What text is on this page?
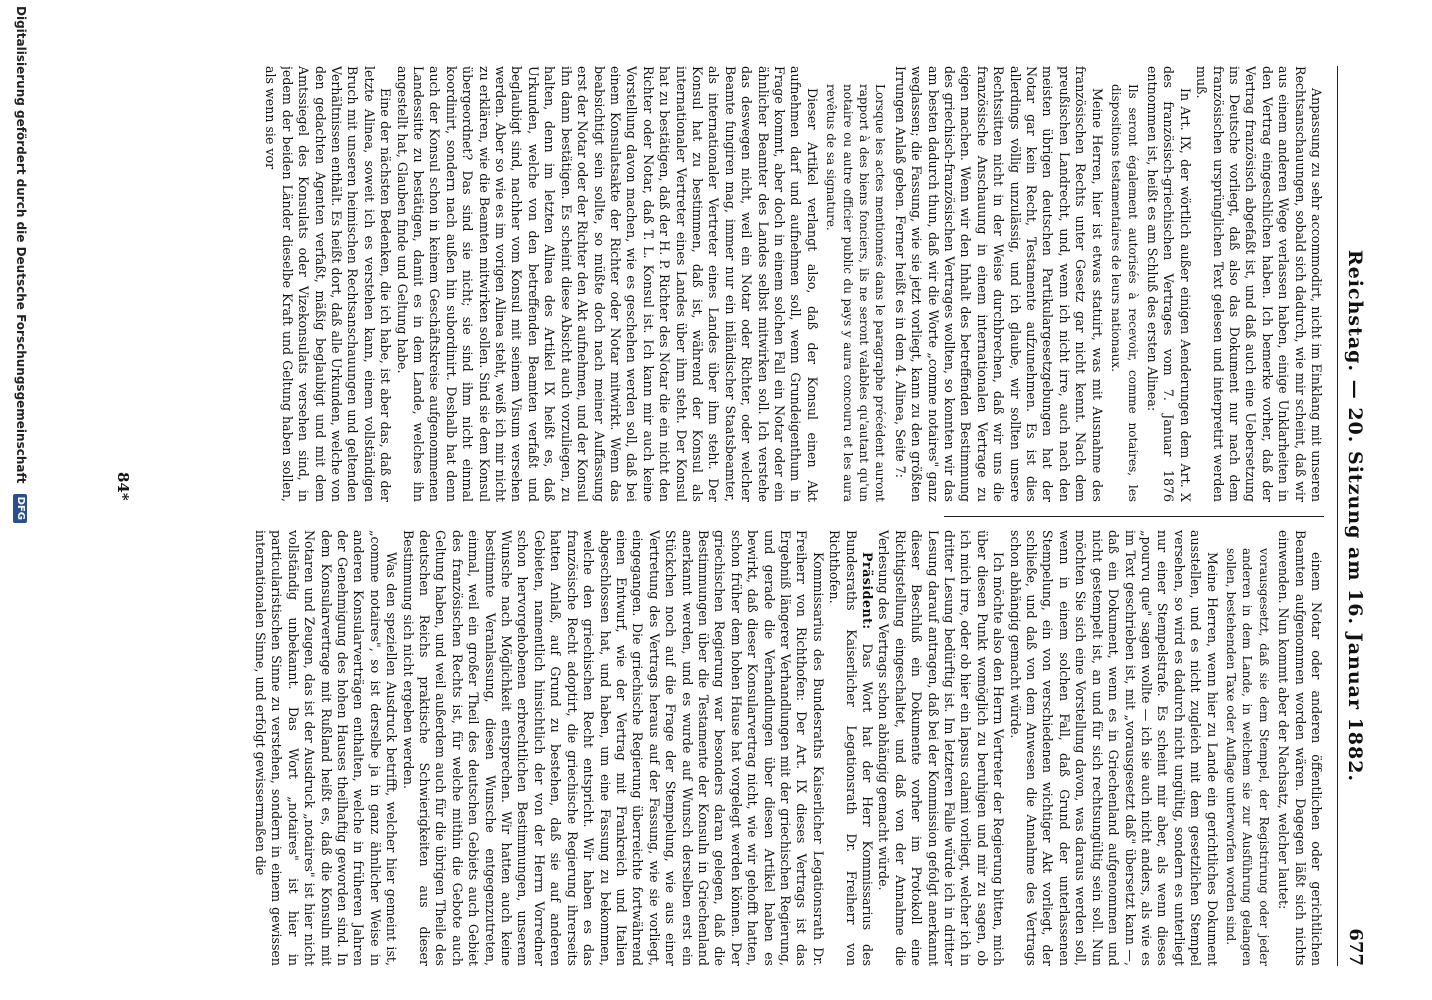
Reichstag. — 20. Sitzung am 16. Januar 1882.
677

Anpassung zu sehr accommodirt, nicht im Einklang mit unseren Rechtsanschauungen, sobald sich dadurch, wie mir scheint, daß wir aus einem anderen Wege verlassen haben, einige Unklarheiten in den Vertrag eingeschlichen haben. Ich bemerke vorher, daß der Vertrag französisch abgefaßt ist, und daß auch eine Uebersetzung ins Deutsche vorliegt, daß also das Dokument nur nach dem französischen ursprünglichen Text gelesen und interpretirt werden muß.

In Art. IX, der wörtlich außer einigen Aenderungen dem Art. X des französisch-griechischen Vertrages vom 7. Januar 1876 entnommen ist, heißt es am Schluß des ersten Alinea:

Ils seront également autorisés à recevoir, comme notaires, les dispositions testamentaires de leurs nationaux.

Meine Herren, hier ist etwas statuirt, was mit Ausnahme des französischen Rechts unter Gesetz gar nicht kennt. Nach dem preußischen Landrecht, und, wenn ich nicht irre, auch nach den meisten übrigen deutschen Partikulargesetzgebungen hat der Notar gar kein Recht, Testamente aufzunehmen. Es ist dies allerdings völlig unzulässig, und ich glaube, wir sollten unsere Rechtssitten nicht in der Weise durchbrechen, daß wir uns die französische Anschauung in einem internationalen Vertrage zu eigen machen. Wenn wir den Inhalt des betreffenden Bestimmung des griechisch-französischen Vertrages wollten, so konnten wir das am besten dadurch thun, daß wir die Worte „comme notaires" ganz weglassen; die Fassung, wie sie jetzt vorliegt, kann zu den größten Irrungen Anlaß geben. Ferner heißt es in dem 4. Alinea, Seite 7:

Lorsque les actes mentionnés dans le paragraphe précédent auront rapport à des biens fonciers, ils ne seront valables qu'autant qu'un notaire ou autre officier public du pays y aura concouru et les aura revêtus de sa signature.

Dieser Artikel verlangt also, daß der Konsul einen Akt aufnehmen darf und aufnehmen soll, wenn Grundeigenthum in Frage kommt, aber doch in einem solchen Fall ein Notar oder ein ähnlicher Beamter des Landes selbst mitwirken soll. Ich verstehe das deswegen nicht, weil ein Notar oder Richter, oder welcher Beamte fungiren mag, immer nur ein inländischer Staatsbeamter, als internationaler Vertreter eines Landes über ihm steht. Der Konsul hat zu bestimmen, daß ist, während der Konsul als internationaler Vertreter eines Landes über ihm steht. Der Konsul hat zu bestätigen, daß der H. P. Richter des Notar die ein nicht den Richter oder Notar, daß T. L. Konsul ist. Ich kann mir auch keine Vorstellung davon machen, wie es geschehen werden soll, daß bei einem Konsulatsakte der Richter oder Notar mitwirkt. Wenn das beabsichtigt sein sollte, so müßte doch nach meiner Auffassung erst der Notar oder der Richter den Akt aufnehmen, und der Konsul ihn dann bestätigen. Es scheint diese Absicht auch vorzuliegen, zu halten, denn im letzten Alinea des Artikel IX heißt es, daß Urkunden, welche von den betreffenden Beamten verfaßt und beglaubigt sind, nachher vom Konsul mit seinem Visum versehen werden. Aber so wie es im vorigen Alinea steht, weiß ich mir nicht zu erklären, wie die Beamten mitwirken sollen. Sind sie dem Konsul übergeordnet? Das sind sie nicht; sie sind ihm nicht einmal koordinirt, sondern nach außen hin subordinirt. Deshalb hat denn auch der Konsul schon in keinem Geschäftskreise aufgenommenen Landessitte zu bestätigen, damit es in dem Lande, welches ihn angestellt hat, Glauben finde und Geltung habe.

Eine der nächsten Bedenken, die ich habe, ist aber das, daß der letzte Alinea, soweit ich es verstehen kann, einem vollständigen Bruch mit unseren heimischen Rechtsanschauungen und geltenden Verhältnissen enthält. Es heißt dort, daß alle Urkunden, welche von den gedachten Agenten verfaßt, mäßig beglaubigt und mit dem Amtssiegel des Konsulats oder Vizekonsulats versehen sind, in jedem der beiden Länder dieselbe Kraft und Geltung haben sollen, als wenn sie vor

einem Notar oder anderen öffentlichen oder gerichtlichen Beamten aufgenommen worden wären. Dagegen läßt sich nichts einwenden. Nun kommt aber der Nachsatz, welcher lautet:

vorausgesetzt, daß sie dem Stempel, der Registrirung oder jeder anderen in dem Lande, in welchem sie zur Ausführung gelangen sollen, bestehenden Taxe oder Auflage unterworfen worden sind.

Meine Herren, wenn hier zu Lande ein gerichtliches Dokument ausstellen, und es nicht zugleich mit dem gesetzlichen Stempel versehen, so wird es dadurch nicht ungültig, sondern es unterliegt nur einer Stempelstrafe. Es scheint mir aber, als wenn dieses „pourvu que" sagen wollte — ich sie auch nicht anders, als wie es im Text geschrieben ist, mit „vorausgesetzt daß" übersetzt kann —, daß ein Dokument, wenn es in Griechenland aufgenommen und nicht gestempelt ist, an und für sich rechtsungültig sein soll. Nun möchten Sie sich eine Vorstellung davon, was daraus werden soll, wenn in einem solchen Fall, daß Grund der unterlassenen Stempelung, ein von verschiedenen wichtiger Akt vorliegt, der schließe, und daß von dem Anwesen die Annahme des Vertrags schon abhängig gemacht würde.

Ich möchte also den Herrn Vertreter der Regierung bitten, mich über diesen Punkt womöglich zu beruhigen und mir zu sagen, ob ich mich irre, oder ob hier ein lapsus calami vorliegt, welcher ich in dritter Lesung bedürftig ist. Im letzteren Falle würde ich in dritter Lesung darauf antragen, daß bei der Kommission gefolgt anerkannt dieser Beschluß ein Dokumente vorher im Protokoll eine Richtigstellung eingeschaltet, und daß von der Annahme die Verlesung des Vertrags schon abhängig gemacht würde.

Präsident: Das Wort hat der Herr Kommissarius des Bundesraths Kaiserlicher Legationsrath Dr. Freiherr von Richthofen.

Kommissarius des Bundesraths Kaiserlicher Legationsrath Dr. Freiherr von Richthofen: Der Art. IX dieses Vertrags ist das Ergebniß längerer Verhandlungen mit der griechischen Regierung, und gerade die Verhandlungen über diesen Artikel haben es bewirkt, daß dieser Konsularvertrag nicht, wie wir gehofft hatten, schon früher dem hohen Hause hat vorgelegt werden können. Der griechischen Regierung war besonders daran gelegen, daß die Bestimmungen über die Testamente der Konsuln in Griechenland anerkannt werden, und es wurde auf Wunsch derselben erst ein Stückchen noch auf die Frage der Stempelung, wie aus einer Vertretung des Vertrags heraus auf der Fassung, wie sie vorliegt, eingegangen. Die griechische Regierung überreichte fortwährend einen Entwurf, wie der Vertrag mit Frankreich und Italien abgeschlossen hat, und haben, um eine Fassung zu bekommen, welche den griechischen Recht entspricht. Wir haben es das französische Recht adoptirt, die griechische Regierung ihrerseits hatten Anlaß, auf Grund zu bestehen, daß sie auf anderen Gebieten, namentlich hinsichtlich der von der Herrn Vorredner schon hervorgehobenen erbrechtlichen Bestimmungen, unserem Wunsche nach Möglichkeit entsprechen. Wir hatten auch keine bestimmte Veranlassung, diesen Wunsche entgegenzutreten, einmal, weil ein großer Theil des deutschen Gebiets auch Gebiet des französischen Rechts ist, für welche mithin die Gebote auch Geltung haben, und weil außerdem auch für die übrigen Theile des deutschen Reichs praktische Schwierigkeiten aus dieser Bestimmung sich nicht ergeben werden.

Was den speziellen Ausdruck betrifft, welcher hier gemeint ist, „comme notaires", so ist derselbe ja in ganz ähnlicher Weise in anderen Konsularverträgen enthalten, welche in früheren Jahren der Genehmigung des hohen Hauses theilhaftig geworden sind. In dem Konsularvertrage mit Rußland heißt es, daß die Konsuln mit Notaren und Zeugen, das ist der Ausdruck „notaires" ist hier nicht vollständig unbekannt. Das Wort „notaires" ist hier in particularistischen Sinne zu verstehen, sondern in einem gewissen internationalen Sinne, und erfolgt gewissermaßen die

84*
Digitalisierung gefördert durch die Deutsche Forschungsgemeinschaft DFG
